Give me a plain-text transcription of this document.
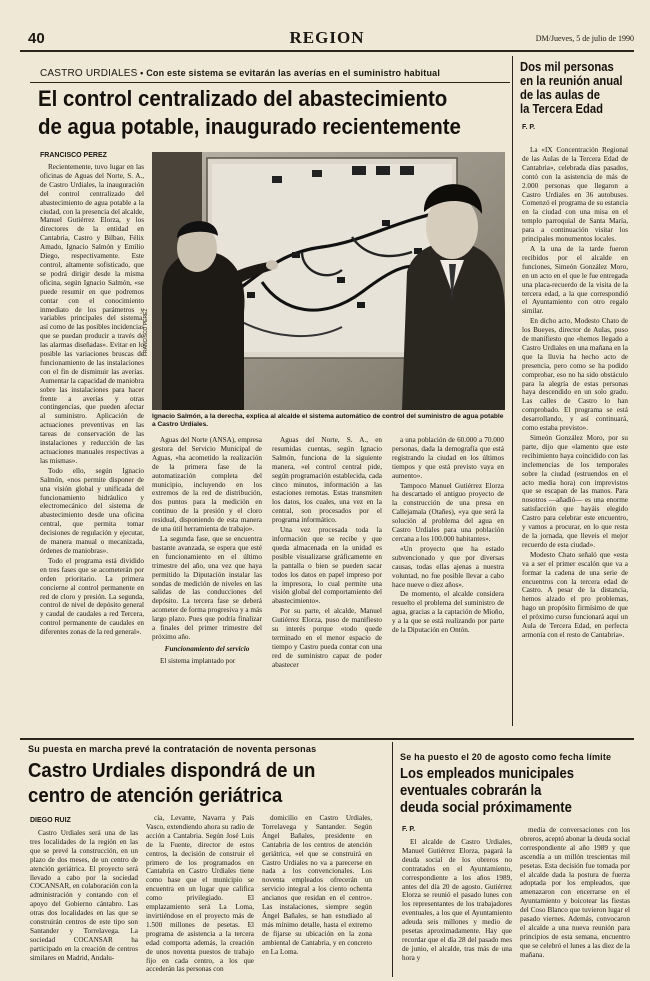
40	REGION	DM/Jueves, 5 de julio de 1990
CASTRO URDIALES • Con este sistema se evitarán las averías en el suministro habitual
El control centralizado del abastecimiento
de agua potable, inaugurado recientemente
FRANCISCO PEREZ

Recientemente, tuvo lugar en las oficinas de Aguas del Norte, S. A., de Castro Urdiales, la inauguración del control centralizado del abastecimiento de agua potable a la ciudad, con la presencia del alcalde, Manuel Gutiérrez Elorza, y los directores de la entidad en Cantabria, Castro y Bilbao, Félix Amado, Ignacio Salmón y Emilio Diego, respectivamente. Este control, altamente sofisticado, que se podrá dirigir desde la misma oficina, según Ignacio Salmón, «se puede resumir en que podremos contar con el conocimiento inmediato de los parámetros y variables principales del sistema, así como de las posibles incidencias que se puedan producir a través de las alarmas diseñadas». Evitar en lo posible las variaciones bruscas de funcionamiento de las instalaciones con el fin de disminuir las averías. Aumentar la capacidad de maniobra sobre las instalaciones para hacer frente a averías y otras contingencias, que pueden afectar al suministro. Aplicación de actuaciones preventivas en las tareas de conservación de las instalaciones y reducción de las actuaciones manuales respectivas a las mismas».

Todo ello, según Ignacio Salmón, «nos permite disponer de una visión global y unificada del funcionamiento hidráulico y electromecánico del sistema de abastecimiento desde una oficina central, que permita tomar decisiones de regulación y ejecutar, de manera manual o mecanizada, órdenes de maniobras».

Todo el programa está dividido en tres fases que se acometerán por orden prioritario. La primera concierne al control permanente en red de cloro y presión. La segunda, control de nivel de depósito general y caudal de caudales a red Tercera, control permanente de caudales en diferentes zonas de la red general».

FRANCISCO PEREZ
Ignacio Salmón, a la derecha, explica al alcalde el sistema automático de control del suministro de agua potable a Castro Urdiales.

Aguas del Norte (ANSA), empresa gestora del Servicio Municipal de Aguas, «ha acometido la realización de la primera fase de la automatización completa del municipio, incluyendo en los extremos de la red de distribución, dos puntos para la medición en continuo de la presión y el cloro residual, disponiendo de esta manera de una útil herramienta de trabajo».

La segunda fase, que se encuentra bastante avanzada, se espera que esté en funcionamiento en el último trimestre del año, una vez que haya permitido la Diputación instalar las sondas de medición de niveles en las salidas de las conducciones del depósito. La tercera fase se deberá acometer de forma progresiva y a más largo plazo. Pues que podría finalizar a finales del primer trimestre del próximo año.

Funcionamiento del servicio

El sistema implantado por

Aguas del Norte, S. A., en resumidas cuentas, según Ignacio Salmón, funciona de la siguiente manera, «el control central pide, según programación establecida, cada cinco minutos, información a las estaciones remotas. Estas transmiten los datos, los cuales, una vez en la central, son procesados por el programa informático.

Una vez procesada toda la información que se recibe y que queda almacenada en la unidad es posible visualizarse gráficamente en la pantalla o bien se pueden sacar todos los datos en papel impreso por la impresora, lo cual permite una visión global del comportamiento del abastecimiento».

Por su parte, el alcalde, Manuel Gutiérrez Elorza, puso de manifiesto su interés porque «todo quede terminado en el menor espacio de tiempo y Castro pueda contar con una red de suministro capaz de poder abastecer

a una población de 60.000 a 70.000 personas, dada la demografía que está registrando la ciudad en los últimos tiempos y que está previsto vaya en aumento».

Tampoco Manuel Gutiérrez Elorza ha descartado el antiguo proyecto de la construcción de una presa en Callejamala (Otañes), «ya que será la solución al problema del agua en Castro Urdiales para una población cercana a los 100.000 habitantes».

«Un proyecto que ha estado subvencionado y que por diversas causas, todas ellas ajenas a nuestra voluntad, no fue posible llevar a cabo hace nueve o diez años».

De momento, el alcalde considera resuelto el problema del suministro de agua, gracias a la captación de Mioño, y a la que se está realizando por parte de la Diputación en Ontón.

Dos mil personas
en la reunión anual
de las aulas de
la Tercera Edad
F. P.

La «IX Concentración Regional de las Aulas de la Tercera Edad de Cantabria», celebrada días pasados, contó con la asistencia de más de 2.000 personas que llegaron a Castro Urdiales en 36 autobuses. Comenzó el programa de su estancia en la ciudad con una misa en el templo parroquial de Santa María, para a continuación visitar los principales monumentos locales.

A la una de la tarde fueron recibidos por el alcalde en funciones, Simeón González Moro, en un acto en el que le fue entregada una placa-recuerdo de la visita de la tercera edad, a la que correspondió el Ayuntamiento con otro regalo similar.

En dicho acto, Modesto Chato de los Bueyes, director de Aulas, puso de manifiesto que «hemos llegado a Castro Urdiales en una mañana en la que la lluvia ha hecho acto de presencia, pero como se ha podido comprobar, eso no ha sido obstáculo para la alegría de estas personas haya descendido en un solo grado. Las calles de Castro lo han comprobado. El programa se está desarrollando, y así continuará, como estaba previsto».

Simeón González Moro, por su parte, dijo que «lamento que este recibimiento haya coincidido con las inclemencias de los temporales sobre la ciudad (estruendos en el acto media hora) con imprevistos que se escapan de las manos. Para nosotros —añadió— es una enorme satisfacción que hayáis elegido Castro para celebrar este encuentro, y vamos a procurar, en lo que resta de la jornada, que lleveis el mejor recuerdo de esta ciudad».

Modesto Chato señaló que «esta va a ser el primer escalón que va a formar la cadena de una serie de encuentros con la tercera edad de Castro. A pesar de la distancia, hemos alzado el pro problemas, hago un propósito firmísimo de que el próximo curso funcionará aquí un Aula de Tercera Edad, en perfecta armonía con el resto de Cantabria».

Su puesta en marcha prevé la contratación de noventa personas
Castro Urdiales dispondrá de un
centro de atención geriátrica
DIEGO RUIZ

Castro Urdiales será una de las tres localidades de la región en las que se prevé la construcción, en un plazo de dos meses, de un centro de atención geriátrica. El proyecto será llevado a cabo por la sociedad COCANSAR, en colaboración con la administración y contando con el apoyo del Gobierno cántabro. Las otras dos localidades en las que se construirán centros de este tipo son Santander y Torrelavega. La sociedad COCANSAR ha participado en la creación de centros similares en Madrid, Andalu-

cía, Levante, Navarra y País Vasco, extendiendo ahora su radio de acción a Cantabria. Según José Luis de la Fuente, director de estos centros, la decisión de construir el primero de los programados en Cantabria en Castro Urdiales tiene como base que el municipio se encuentra en un lugar que califica como privilegiado. El emplazamiento será La Loma, invirtiéndose en el proyecto más de 1.500 millones de pesetas. El programa de asistencia a la tercera edad comporta además, la creación de unos noventa puestos de trabajo fijo en cada centro, a los que accederán las personas con

domicilio en Castro Urdiales, Torrelavega y Santander. Según Ángel Bañales, presidente en Cantabria de los centros de atención geriátrica, «el que se construirá en Castro Urdiales no va a parecerse en nada a los convencionales. Los noventa empleados ofrecerán un servicio integral a los ciento ochenta ancianos que residan en el centro». Las instalaciones, siempre según Ángel Bañales, se han estudiado al más mínimo detalle, hasta el extremo de fijarse su ubicación en la zona ambiental de Cantabria, y en concreto en La Loma.

Se ha puesto el 20 de agosto como fecha límite
Los empleados municipales
eventuales cobrarán la
deuda social próximamente
F. P.

El alcalde de Castro Urdiales, Manuel Gutiérrez Elorza, pagará la deuda social de los obreros no contratados en el Ayuntamiento, correspondiente a los años 1989, antes del día 20 de agosto. Gutiérrez Elorza se reunió el pasado lunes con los representantes de los trabajadores eventuales, a los que el Ayuntamiento adeuda seis millones y medio de pesetas aproximadamente. Hay que recordar que el día 28 del pasado mes de junio, el alcalde, tras más de una hora y

media de conversaciones con los obreros, aceptó abonar la deuda social correspondiente al año 1989 y que ascendía a un millón trescientas mil pesetas. Esta decisión fue tomada por el alcalde dada la postura de fuerza adoptada por los empleados, que amenazaron con encerrarse en el Ayuntamiento y boicotear las fiestas del Coso Blanco que tuvieron lugar el pasado viernes. Además, convocaron el alcalde a una nueva reunión para principios de esta semana, encuentro que se celebró el lunes a las diez de la mañana.
